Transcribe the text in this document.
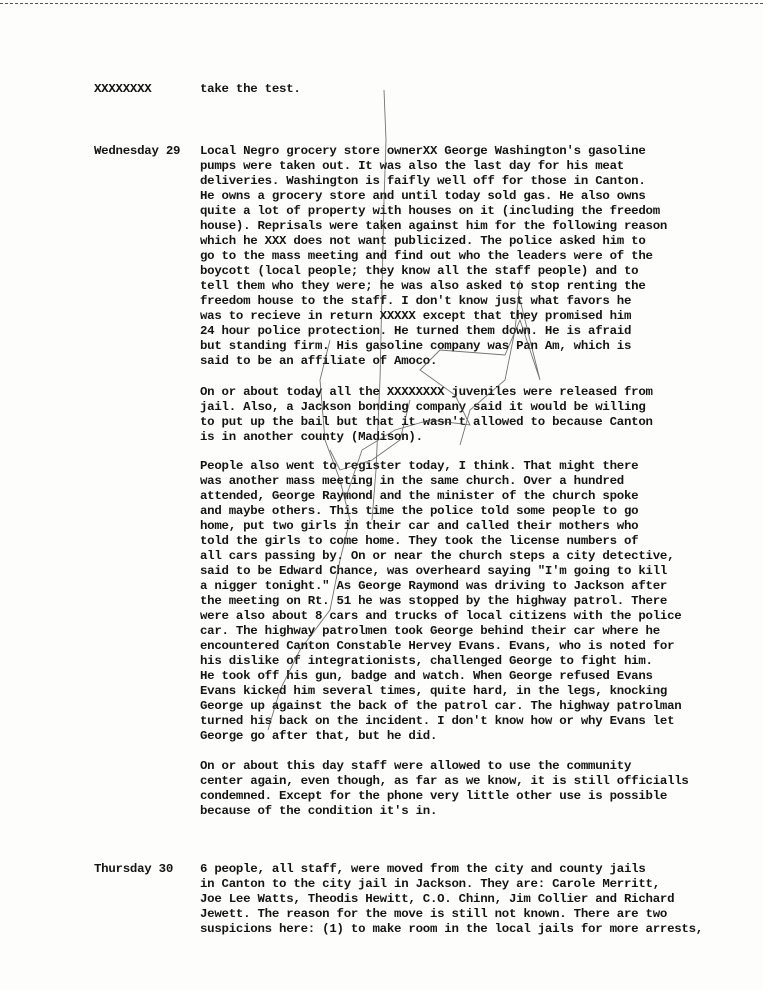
XXXXXXXX	take the test.
Wednesday 29 Local Negro grocery store ownerXX George Washington's gasoline
pumps were taken out. It was also the last day for his meat
deliveries. Washington is faifly well off for those in Canton.
He owns a grocery store and until today sold gas. He also owns
quite a lot of property with houses on it (including the freedom
house). Reprisals were taken against him for the following reason
which he XXX does not want publicized. The police asked him to
go to the mass meeting and find out who the leaders were of the
boycott (local people; they know all the staff people) and to
tell them who they were; he was also asked to stop renting the
freedom house to the staff. I don't know just what favors he
was to recieve in return XXXXX except that they promised him
24 hour police protection. He turned them down. He is afraid
but standing firm. His gasoline company was Pan Am, which is
said to be an affiliate of Amoco.
On or about today all the XXXXXXXX juveniles were released from
jail. Also, a Jackson bonding company said it would be willing
to put up the bail but that it wasn't allowed to because Canton
is in another county (Madison).
People also went to register today, I think. That might there
was another mass meeting in the same church. Over a hundred
attended, George Raymond and the minister of the church spoke
and maybe others. This time the police told some people to go
home, put two girls in their car and called their mothers who
told the girls to come home. They took the license numbers of
all cars passing by. On or near the church steps a city detective,
said to be Edward Chance, was overheard saying "I'm going to kill
a nigger tonight." As George Raymond was driving to Jackson after
the meeting on Rt. 51 he was stopped by the highway patrol. There
were also about 8 cars and trucks of local citizens with the police
car. The highway patrolmen took George behind their car where he
encountered Canton Constable Hervey Evans. Evans, who is noted for
his dislike of integrationists, challenged George to fight him.
He took off his gun, badge and watch. When George refused Evans
Evans kicked him several times, quite hard, in the legs, knocking
George up against the back of the patrol car. The highway patrolman
turned his back on the incident. I don't know how or why Evans let
George go after that, but he did.
On or about this day staff were allowed to use the community
center again, even though, as far as we know, it is still officialls
condemned. Except for the phone very little other use is possible
because of the condition it's in.
Thursday 30 6 people, all staff, were moved from the city and county jails
in Canton to the city jail in Jackson. They are: Carole Merritt,
Joe Lee Watts, Theodis Hewitt, C.O. Chinn, Jim Collier and Richard
Jewett. The reason for the move is still not known. There are two
suspicions here: (1) to make room in the local jails for more arrests,
